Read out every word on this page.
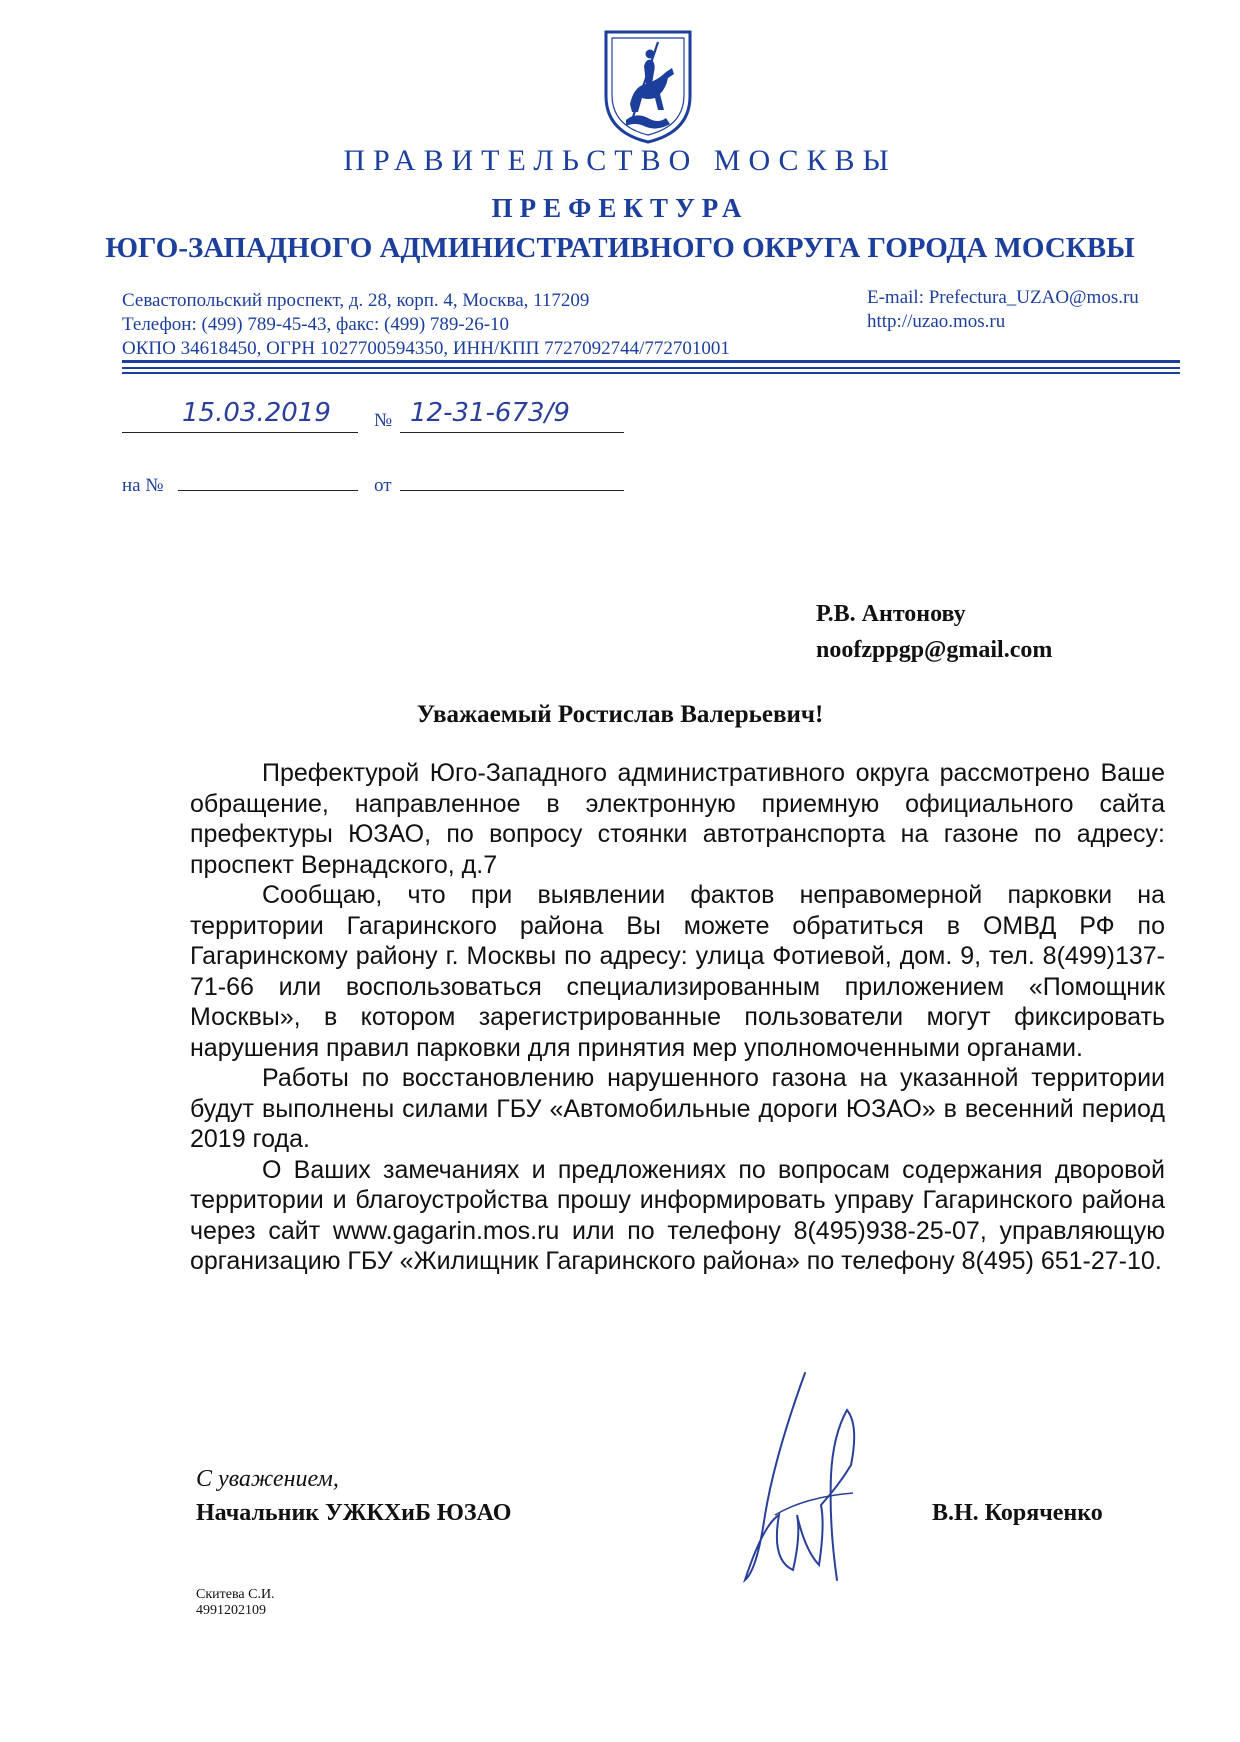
ПРАВИТЕЛЬСТВО МОСКВЫ
ПРЕФЕКТУРА
ЮГО-ЗАПАДНОГО АДМИНИСТРАТИВНОГО ОКРУГА ГОРОДА МОСКВЫ
Севастопольский проспект, д. 28, корп. 4, Москва, 117209
Телефон: (499) 789-45-43, факс: (499) 789-26-10
ОКПО 34618450, ОГРН 1027700594350, ИНН/КПП 7727092744/772701001
E-mail: Prefectura_UZAO@mos.ru
http://uzao.mos.ru
15.03.2019 № 12-31-673/9
на №	от
Р.В. Антонову
noofzppgp@gmail.com
Уважаемый Ростислав Валерьевич!

Префектурой Юго-Западного административного округа рассмотрено Ваше обращение, направленное в электронную приемную официального сайта префектуры ЮЗАО, по вопросу стоянки автотранспорта на газоне по адресу: проспект Вернадского, д.7

Сообщаю, что при выявлении фактов неправомерной парковки на территории Гагаринского района Вы можете обратиться в ОМВД РФ по Гагаринскому району г. Москвы по адресу: улица Фотиевой, дом. 9, тел. 8(499)137-71-66 или воспользоваться специализированным приложением «Помощник Москвы», в котором зарегистрированные пользователи могут фиксировать нарушения правил парковки для принятия мер уполномоченными органами.

Работы по восстановлению нарушенного газона на указанной территории будут выполнены силами ГБУ «Автомобильные дороги ЮЗАО» в весенний период 2019 года.

О Ваших замечаниях и предложениях по вопросам содержания дворовой территории и благоустройства прошу информировать управу Гагаринского района через сайт www.gagarin.mos.ru или по телефону 8(495)938-25-07, управляющую организацию ГБУ «Жилищник Гагаринского района» по телефону 8(495) 651-27-10.

С уважением,
Начальник УЖКХиБ ЮЗАО	В.Н. Коряченко
Скитева С.И.
4991202109
